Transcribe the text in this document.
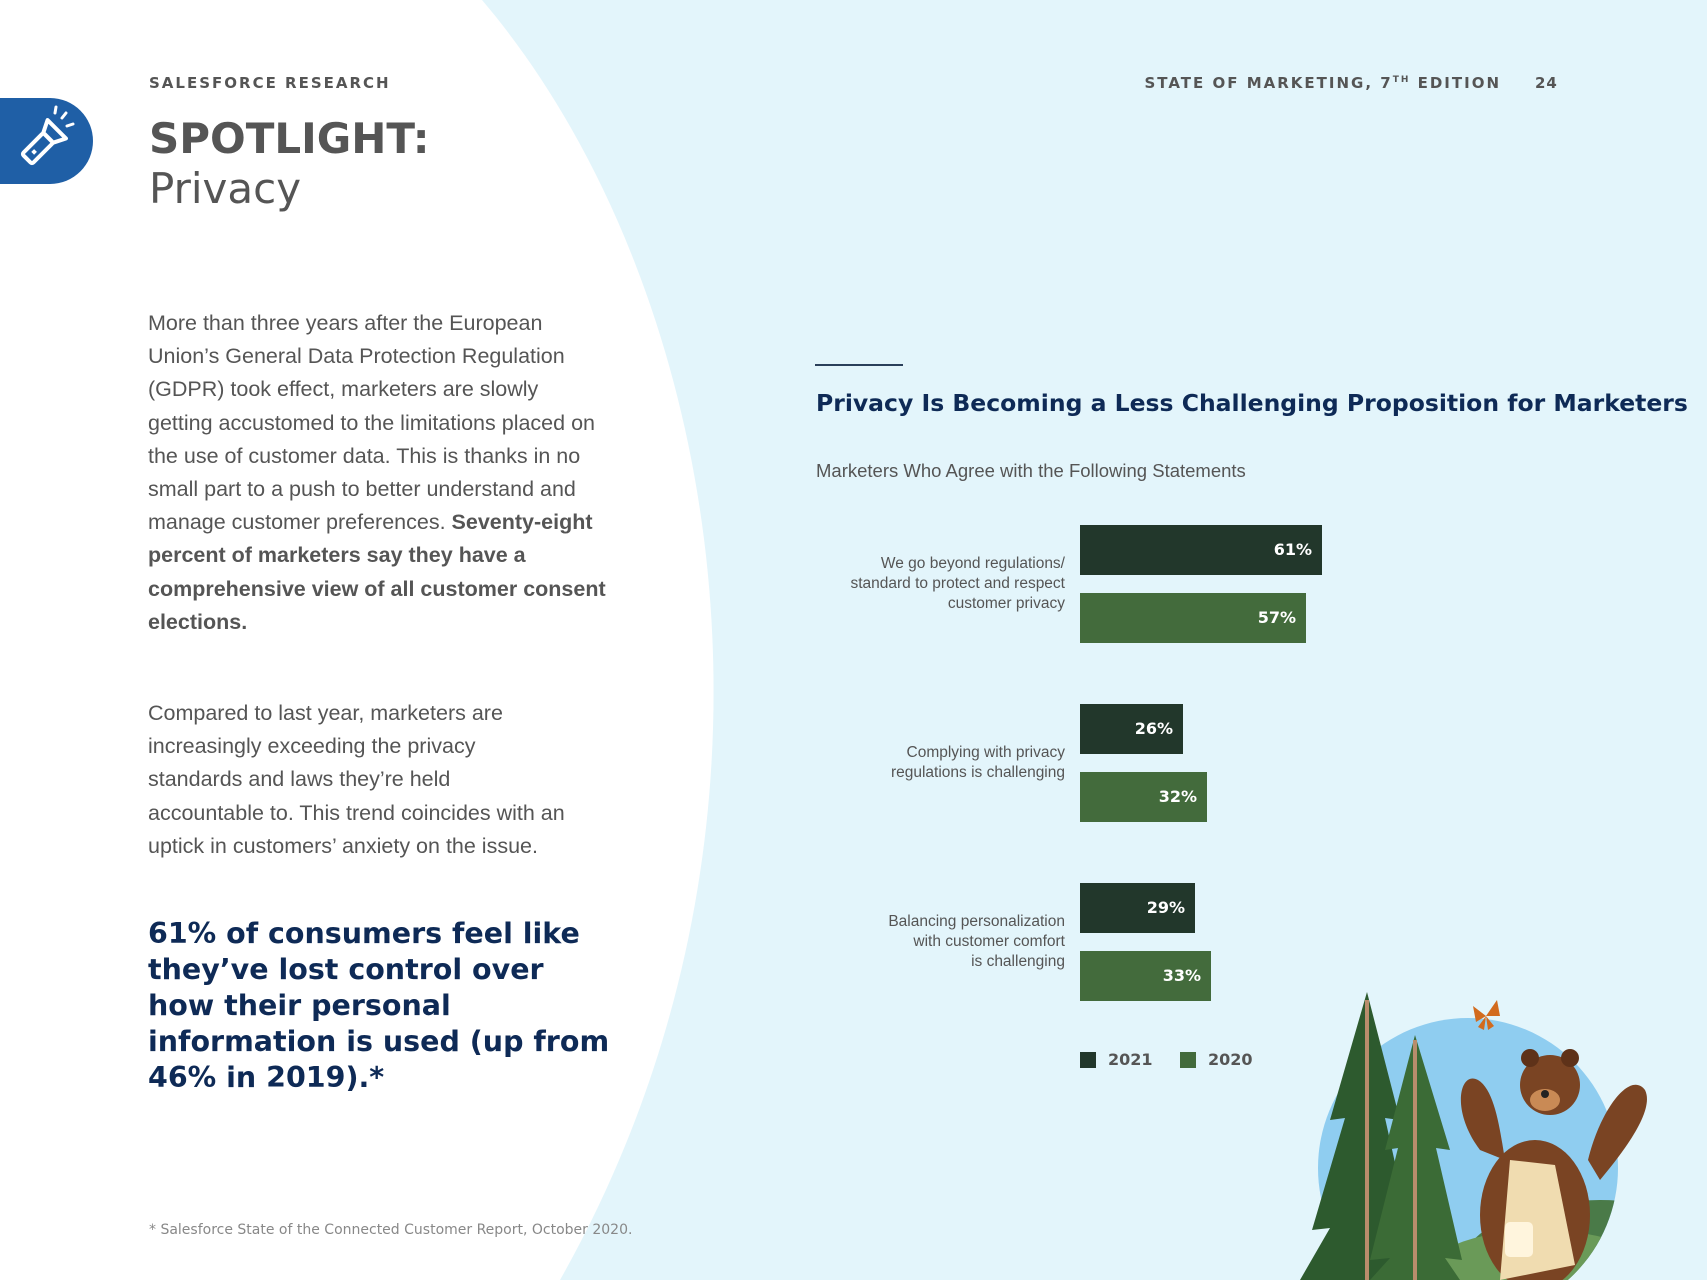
SALESFORCE RESEARCH	STATE OF MARKETING, 7TH EDITION 24
SPOTLIGHT:
Privacy
More than three years after the European Union’s General Data Protection Regulation (GDPR) took effect, marketers are slowly getting accustomed to the limitations placed on the use of customer data. This is thanks in no small part to a push to better understand and manage customer preferences. Seventy-eight percent of marketers say they have a comprehensive view of all customer consent elections.
Compared to last year, marketers are increasingly exceeding the privacy standards and laws they’re held accountable to. This trend coincides with an uptick in customers’ anxiety on the issue.
61% of consumers feel like they’ve lost control over how their personal information is used (up from 46% in 2019).*
* Salesforce State of the Connected Customer Report, October 2020.
Privacy Is Becoming a Less Challenging Proposition for Marketers
Marketers Who Agree with the Following Statements
We go beyond regulations/
standard to protect and respect
customer privacy
61%
57%
Complying with privacy
regulations is challenging
26%
32%
Balancing personalization
with customer comfort
is challenging
29%
33%
2021	2020
